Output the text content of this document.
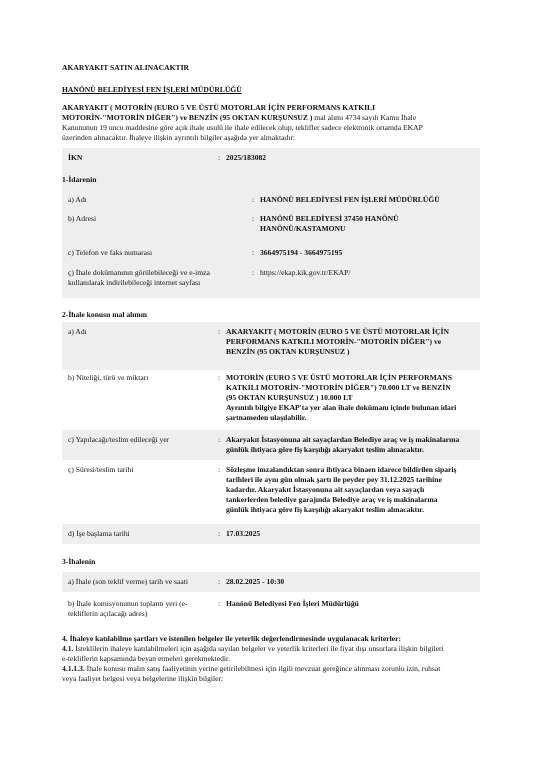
AKARYAKIT SATIN ALINACAKTIR
HANÖNÜ BELEDİYESİ FEN İŞLERİ MÜDÜRLÜĞÜ
AKARYAKIT ( MOTORİN (EURO 5 VE ÜSTÜ MOTORLAR İÇİN PERFORMANS KATKILI
MOTORİN-"MOTORİN DİĞER") ve BENZİN (95 OKTAN KURŞUNSUZ ) mal alımı 4734 sayılı Kamu İhale
Kanununun 19 uncu maddesine göre açık ihale usulü ile ihale edilecek olup, teklifler sadece elektronik ortamda EKAP
üzerinden alınacaktır. İhaleye ilişkin ayrıntılı bilgiler aşağıda yer almaktadır:
İKN	: 2025/183082
1-İdarenin
a) Adı	: HANÖNÜ BELEDİYESİ FEN İŞLERİ MÜDÜRLÜĞÜ
b) Adresi	: HANÖNÜ BELEDİYESİ 37450 HANÖNÜ
HANÖNÜ/KASTAMONU
c) Telefon ve faks numarası	: 3664975194 - 3664975195
ç) İhale dokümanının görülebileceği ve e-imza
kullanılarak indirilebileceği internet sayfası
: https://ekap.kik.gov.tr/EKAP/
2-İhale konusu mal alımın
a) Adı	: AKARYAKIT ( MOTORİN (EURO 5 VE ÜSTÜ MOTORLAR İÇİN
PERFORMANS KATKILI MOTORİN-"MOTORİN DİĞER") ve
BENZİN (95 OKTAN KURŞUNSUZ )
b) Niteliği, türü ve miktarı	: MOTORİN (EURO 5 VE ÜSTÜ MOTORLAR İÇİN PERFORMANS
KATKILI MOTORİN-"MOTORİN DİĞER") 70.000 LT ve BENZİN
(95 OKTAN KURŞUNSUZ ) 10.000 LT
Ayrıntılı bilgiye EKAP'ta yer alan ihale dokümanı içinde bulunan idari
şartnameden ulaşılabilir.
c) Yapılacağı/teslim edileceği yer	: Akaryakıt İstasyonuna ait sayaçlardan Belediye araç ve iş makinalarına
günlük ihtiyaca göre fiş karşılığı akaryakıt teslim alınacaktır.
ç) Süresi/teslim tarihi	: Sözleşme imzalandıktan sonra ihtiyaca binaen idarece bildirilen sipariş
tarihleri ile aynı gün olmak şartı ile peyder pey 31.12.2025 tarihine
kadardır. Akaryakıt İstasyonuna ait sayaçlardan veya sayaçlı
tankerlerden belediye garajında Belediye araç ve iş makinalarına
günlük ihtiyaca göre fiş karşılığı akaryakıt teslim alınacaktır.
d) İşe başlama tarihi	: 17.03.2025
3-İhalenin
a) İhale (son teklif verme) tarih ve saati	: 28.02.2025 - 10:30
b) İhale komisyonunun toplantı yeri (e-
tekliflerin açılacağı adres)
: Hanönü Belediyesi Fen İşleri Müdürlüğü
4. İhaleye katılabilme şartları ve istenilen belgeler ile yeterlik değerlendirmesinde uygulanacak kriterler:
4.1. İsteklilerin ihaleye katılabilmeleri için aşağıda sayılan belgeler ve yeterlik kriterleri ile fiyat dışı unsurlara ilişkin bilgileri
e-tekliflerin kapsamında beyan etmeleri gerekmektedir.
4.1.1.3. İhale konusu malın satış faaliyetinin yerine getirilebilmesi için ilgili mevzuat gereğince alınması zorunlu izin, ruhsat
veya faaliyet belgesi veya belgelerine ilişkin bilgiler:
